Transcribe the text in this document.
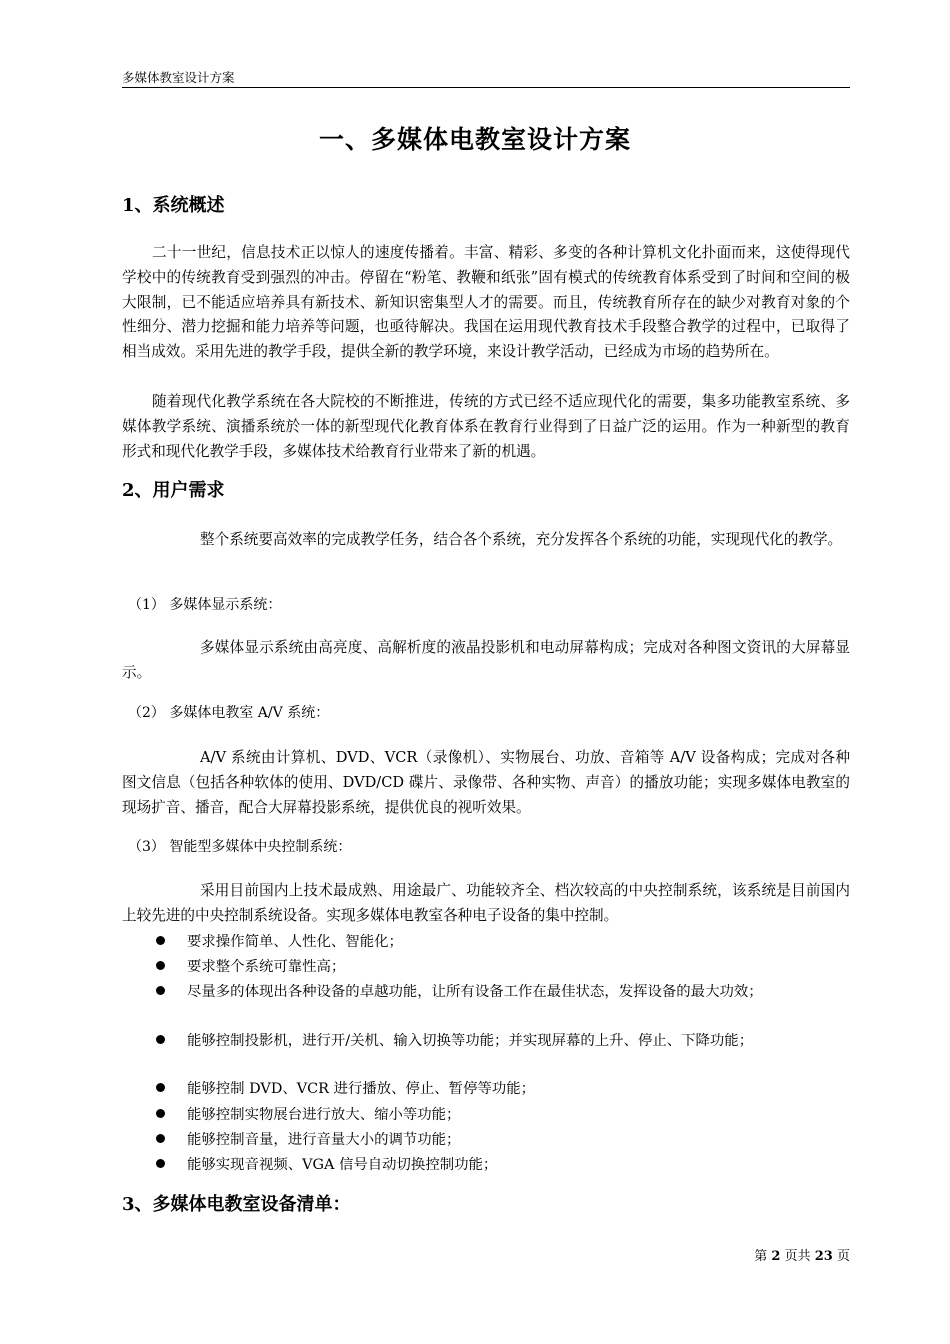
多媒体教室设计方案
一、多媒体电教室设计方案
1、系统概述

二十一世纪，信息技术正以惊人的速度传播着。丰富、精彩、多变的各种计算机文化扑面而来，这使得现代学校中的传统教育受到强烈的冲击。停留在“粉笔、教鞭和纸张”固有模式的传统教育体系受到了时间和空间的极大限制，已不能适应培养具有新技术、新知识密集型人才的需要。而且，传统教育所存在的缺少对教育对象的个性细分、潜力挖掘和能力培养等问题，也亟待解决。我国在运用现代教育技术手段整合教学的过程中，已取得了相当成效。采用先进的教学手段，提供全新的教学环境，来设计教学活动，已经成为市场的趋势所在。

随着现代化教学系统在各大院校的不断推进，传统的方式已经不适应现代化的需要，集多功能教室系统、多媒体教学系统、演播系统於一体的新型现代化教育体系在教育行业得到了日益广泛的运用。作为一种新型的教育形式和现代化教学手段，多媒体技术给教育行业带来了新的机遇。

2、用户需求

整个系统要高效率的完成教学任务，结合各个系统，充分发挥各个系统的功能，实现现代化的教学。

（1） 多媒体显示系统：

多媒体显示系统由高亮度、高解析度的液晶投影机和电动屏幕构成；完成对各种图文资讯的大屏幕显示。

（2） 多媒体电教室 A/V 系统：

A/V 系统由计算机、DVD、VCR（录像机）、实物展台、功放、音箱等 A/V 设备构成；完成对各种图文信息（包括各种软体的使用、DVD/CD 碟片、录像带、各种实物、声音）的播放功能；实现多媒体电教室的现场扩音、播音，配合大屏幕投影系统，提供优良的视听效果。

（3） 智能型多媒体中央控制系统：

采用目前国内上技术最成熟、用途最广、功能较齐全、档次较高的中央控制系统，该系统是目前国内上较先进的中央控制系统设备。实现多媒体电教室各种电子设备的集中控制。

要求操作简单、人性化、智能化；
要求整个系统可靠性高；
尽量多的体现出各种设备的卓越功能，让所有设备工作在最佳状态，发挥设备的最大功效；
能够控制投影机，进行开/关机、输入切换等功能；并实现屏幕的上升、停止、下降功能；
能够控制 DVD、VCR 进行播放、停止、暂停等功能；
能够控制实物展台进行放大、缩小等功能；
能够控制音量，进行音量大小的调节功能；
能够实现音视频、VGA 信号自动切换控制功能；
3、多媒体电教室设备清单：
第 2 页共 23 页
